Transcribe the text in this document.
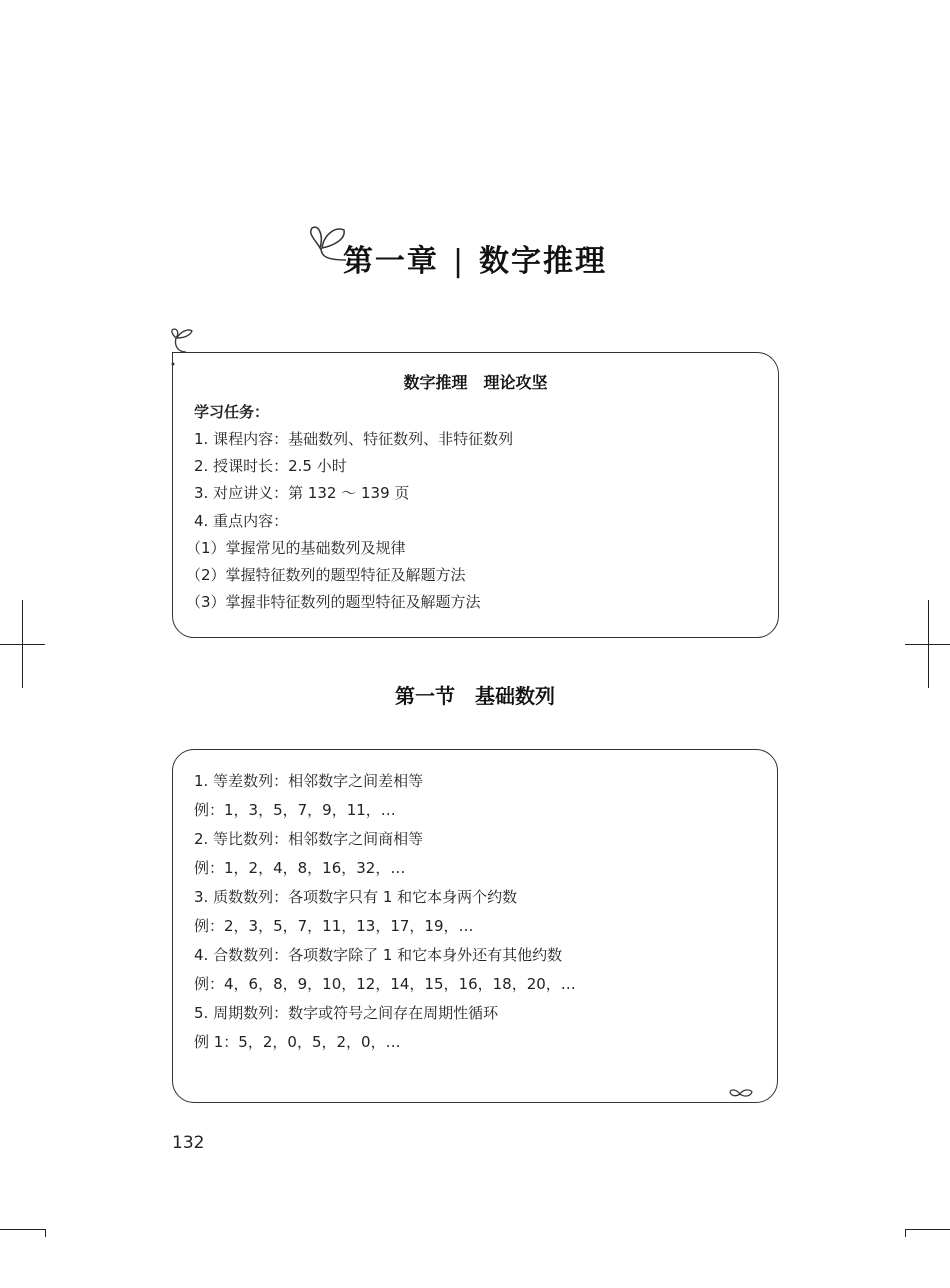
第一章 | 数字推理
数字推理　理论攻坚
学习任务：
1. 课程内容：基础数列、特征数列、非特征数列
2. 授课时长：2.5 小时
3. 对应讲义：第 132 ～ 139 页
4. 重点内容：
（1）掌握常见的基础数列及规律
（2）掌握特征数列的题型特征及解题方法
（3）掌握非特征数列的题型特征及解题方法
第一节　基础数列
1. 等差数列：相邻数字之间差相等
例：1，3，5，7，9，11，…
2. 等比数列：相邻数字之间商相等
例：1，2，4，8，16，32，…
3. 质数数列：各项数字只有 1 和它本身两个约数
例：2，3，5，7，11，13，17，19，…
4. 合数数列：各项数字除了 1 和它本身外还有其他约数
例：4，6，8，9，10，12，14，15，16，18，20，…
5. 周期数列：数字或符号之间存在周期性循环
例 1：5，2，0，5，2，0，…
132
